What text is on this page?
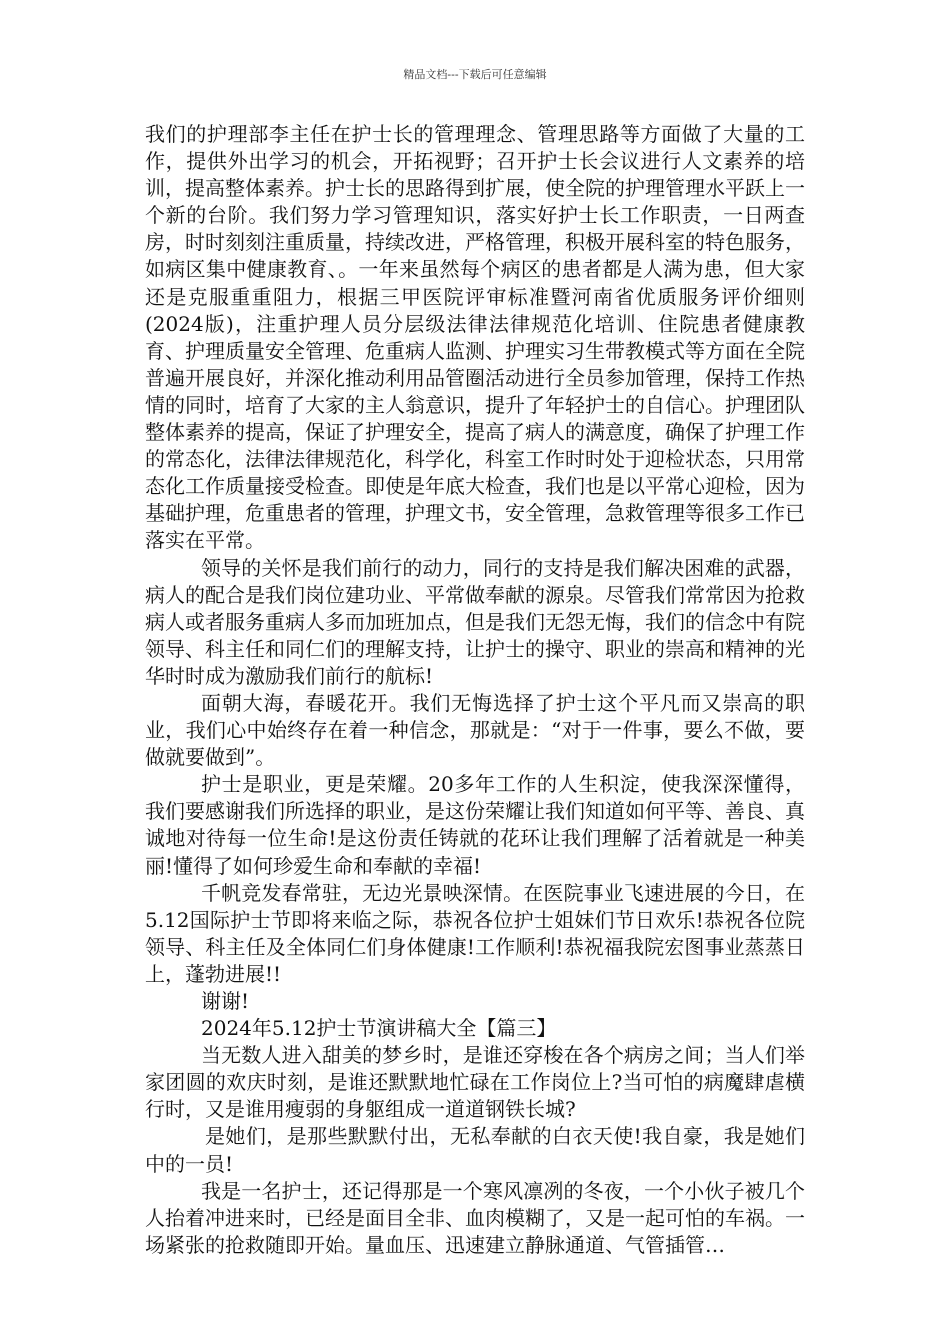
精品文档---下载后可任意编辑

我们的护理部李主任在护士长的管理理念、管理思路等方面做了大量的工作，提供外出学习的机会，开拓视野；召开护士长会议进行人文素养的培训，提高整体素养。护士长的思路得到扩展，使全院的护理管理水平跃上一个新的台阶。我们努力学习管理知识，落实好护士长工作职责，一日两查房，时时刻刻注重质量，持续改进，严格管理，积极开展科室的特色服务，如病区集中健康教育、。一年来虽然每个病区的患者都是人满为患，但大家还是克服重重阻力，根据三甲医院评审标准暨河南省优质服务评价细则(2024版)，注重护理人员分层级法律法律规范化培训、住院患者健康教育、护理质量安全管理、危重病人监测、护理实习生带教模式等方面在全院普遍开展良好，并深化推动利用品管圈活动进行全员参加管理，保持工作热情的同时，培育了大家的主人翁意识，提升了年轻护士的自信心。护理团队整体素养的提高，保证了护理安全，提高了病人的满意度，确保了护理工作的常态化，法律法律规范化，科学化，科室工作时时处于迎检状态，只用常态化工作质量接受检查。即使是年底大检查，我们也是以平常心迎检，因为基础护理，危重患者的管理，护理文书，安全管理，急救管理等很多工作已落实在平常。

领导的关怀是我们前行的动力，同行的支持是我们解决困难的武器，病人的配合是我们岗位建功业、平常做奉献的源泉。尽管我们常常因为抢救病人或者服务重病人多而加班加点，但是我们无怨无悔，我们的信念中有院领导、科主任和同仁们的理解支持，让护士的操守、职业的崇高和精神的光华时时成为激励我们前行的航标!

面朝大海，春暖花开。我们无悔选择了护士这个平凡而又崇高的职业，我们心中始终存在着一种信念，那就是：“对于一件事，要么不做，要做就要做到”。

护士是职业，更是荣耀。20多年工作的人生积淀，使我深深懂得，我们要感谢我们所选择的职业，是这份荣耀让我们知道如何平等、善良、真诚地对待每一位生命!是这份责任铸就的花环让我们理解了活着就是一种美丽!懂得了如何珍爱生命和奉献的幸福!

千帆竞发春常驻，无边光景映深情。在医院事业飞速进展的今日，在5.12国际护士节即将来临之际，恭祝各位护士姐妹们节日欢乐!恭祝各位院领导、科主任及全体同仁们身体健康!工作顺利!恭祝福我院宏图事业蒸蒸日上，蓬勃进展!!

谢谢!

2024年5.12护士节演讲稿大全【篇三】

当无数人进入甜美的梦乡时，是谁还穿梭在各个病房之间；当人们举家团圆的欢庆时刻，是谁还默默地忙碌在工作岗位上?当可怕的病魔肆虐横行时，又是谁用瘦弱的身躯组成一道道钢铁长城?

是她们，是那些默默付出，无私奉献的白衣天使!我自豪，我是她们中的一员!

我是一名护士，还记得那是一个寒风凛冽的冬夜，一个小伙子被几个人抬着冲进来时，已经是面目全非、血肉模糊了，又是一起可怕的车祸。一场紧张的抢救随即开始。量血压、迅速建立静脉通道、气管插管…
